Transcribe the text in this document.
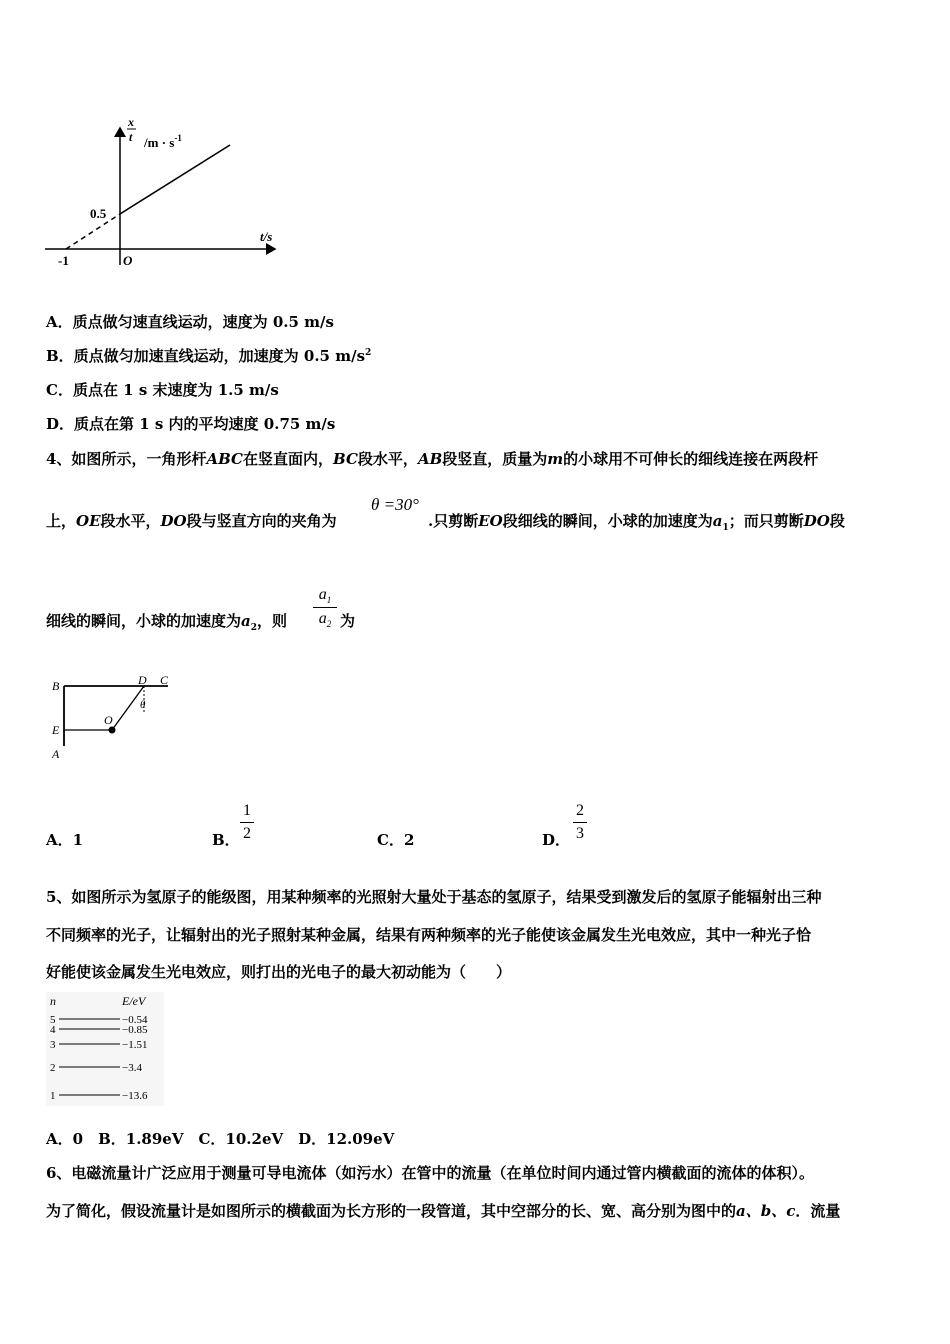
x
t $/m \cdot s^{-1}$
t/s
0.5
-1	O
A．质点做匀速直线运动，速度为 0.5 m/s
B．质点做匀加速直线运动，加速度为 0.5 $m/s^2$
C．质点在 1 s 末速度为 1.5 m/s
D．质点在第 1 s 内的平均速度 0.75 m/s
4、如图所示，一角形杆ABC在竖直面内，BC段水平，AB段竖直，质量为m的小球用不可伸长的细线连接在两段杆
θ =30°
上，OE段水平，DO段与竖直方向的夹角为	.只剪断EO段细线的瞬间，小球的加速度为$a_1$；而只剪断DO段
细线的瞬间，小球的加速度为$a_2$，则
$a_1$
$a_2$ 为
B	D C
θ
O
E
A
A．1	B．
1
2	C．2	D．
2
3
5、如图所示为氢原子的能级图，用某种频率的光照射大量处于基态的氢原子，结果受到激发后的氢原子能辐射出三种
不同频率的光子，让辐射出的光子照射某种金属，结果有两种频率的光子能使该金属发生光电效应，其中一种光子恰
好能使该金属发生光电效应，则打出的光电子的最大初动能为（　　）
n	E/eV
5	−0.54
4	−0.85
3	−1.51
2	−3.4
1	−13.6
A．0　B．1.89eV　C．10.2eV　D．12.09eV
6、电磁流量计广泛应用于测量可导电流体（如污水）在管中的流量（在单位时间内通过管内横截面的流体的体积）。
为了简化，假设流量计是如图所示的横截面为长方形的一段管道，其中空部分的长、宽、高分别为图中的a、b、c．流量
